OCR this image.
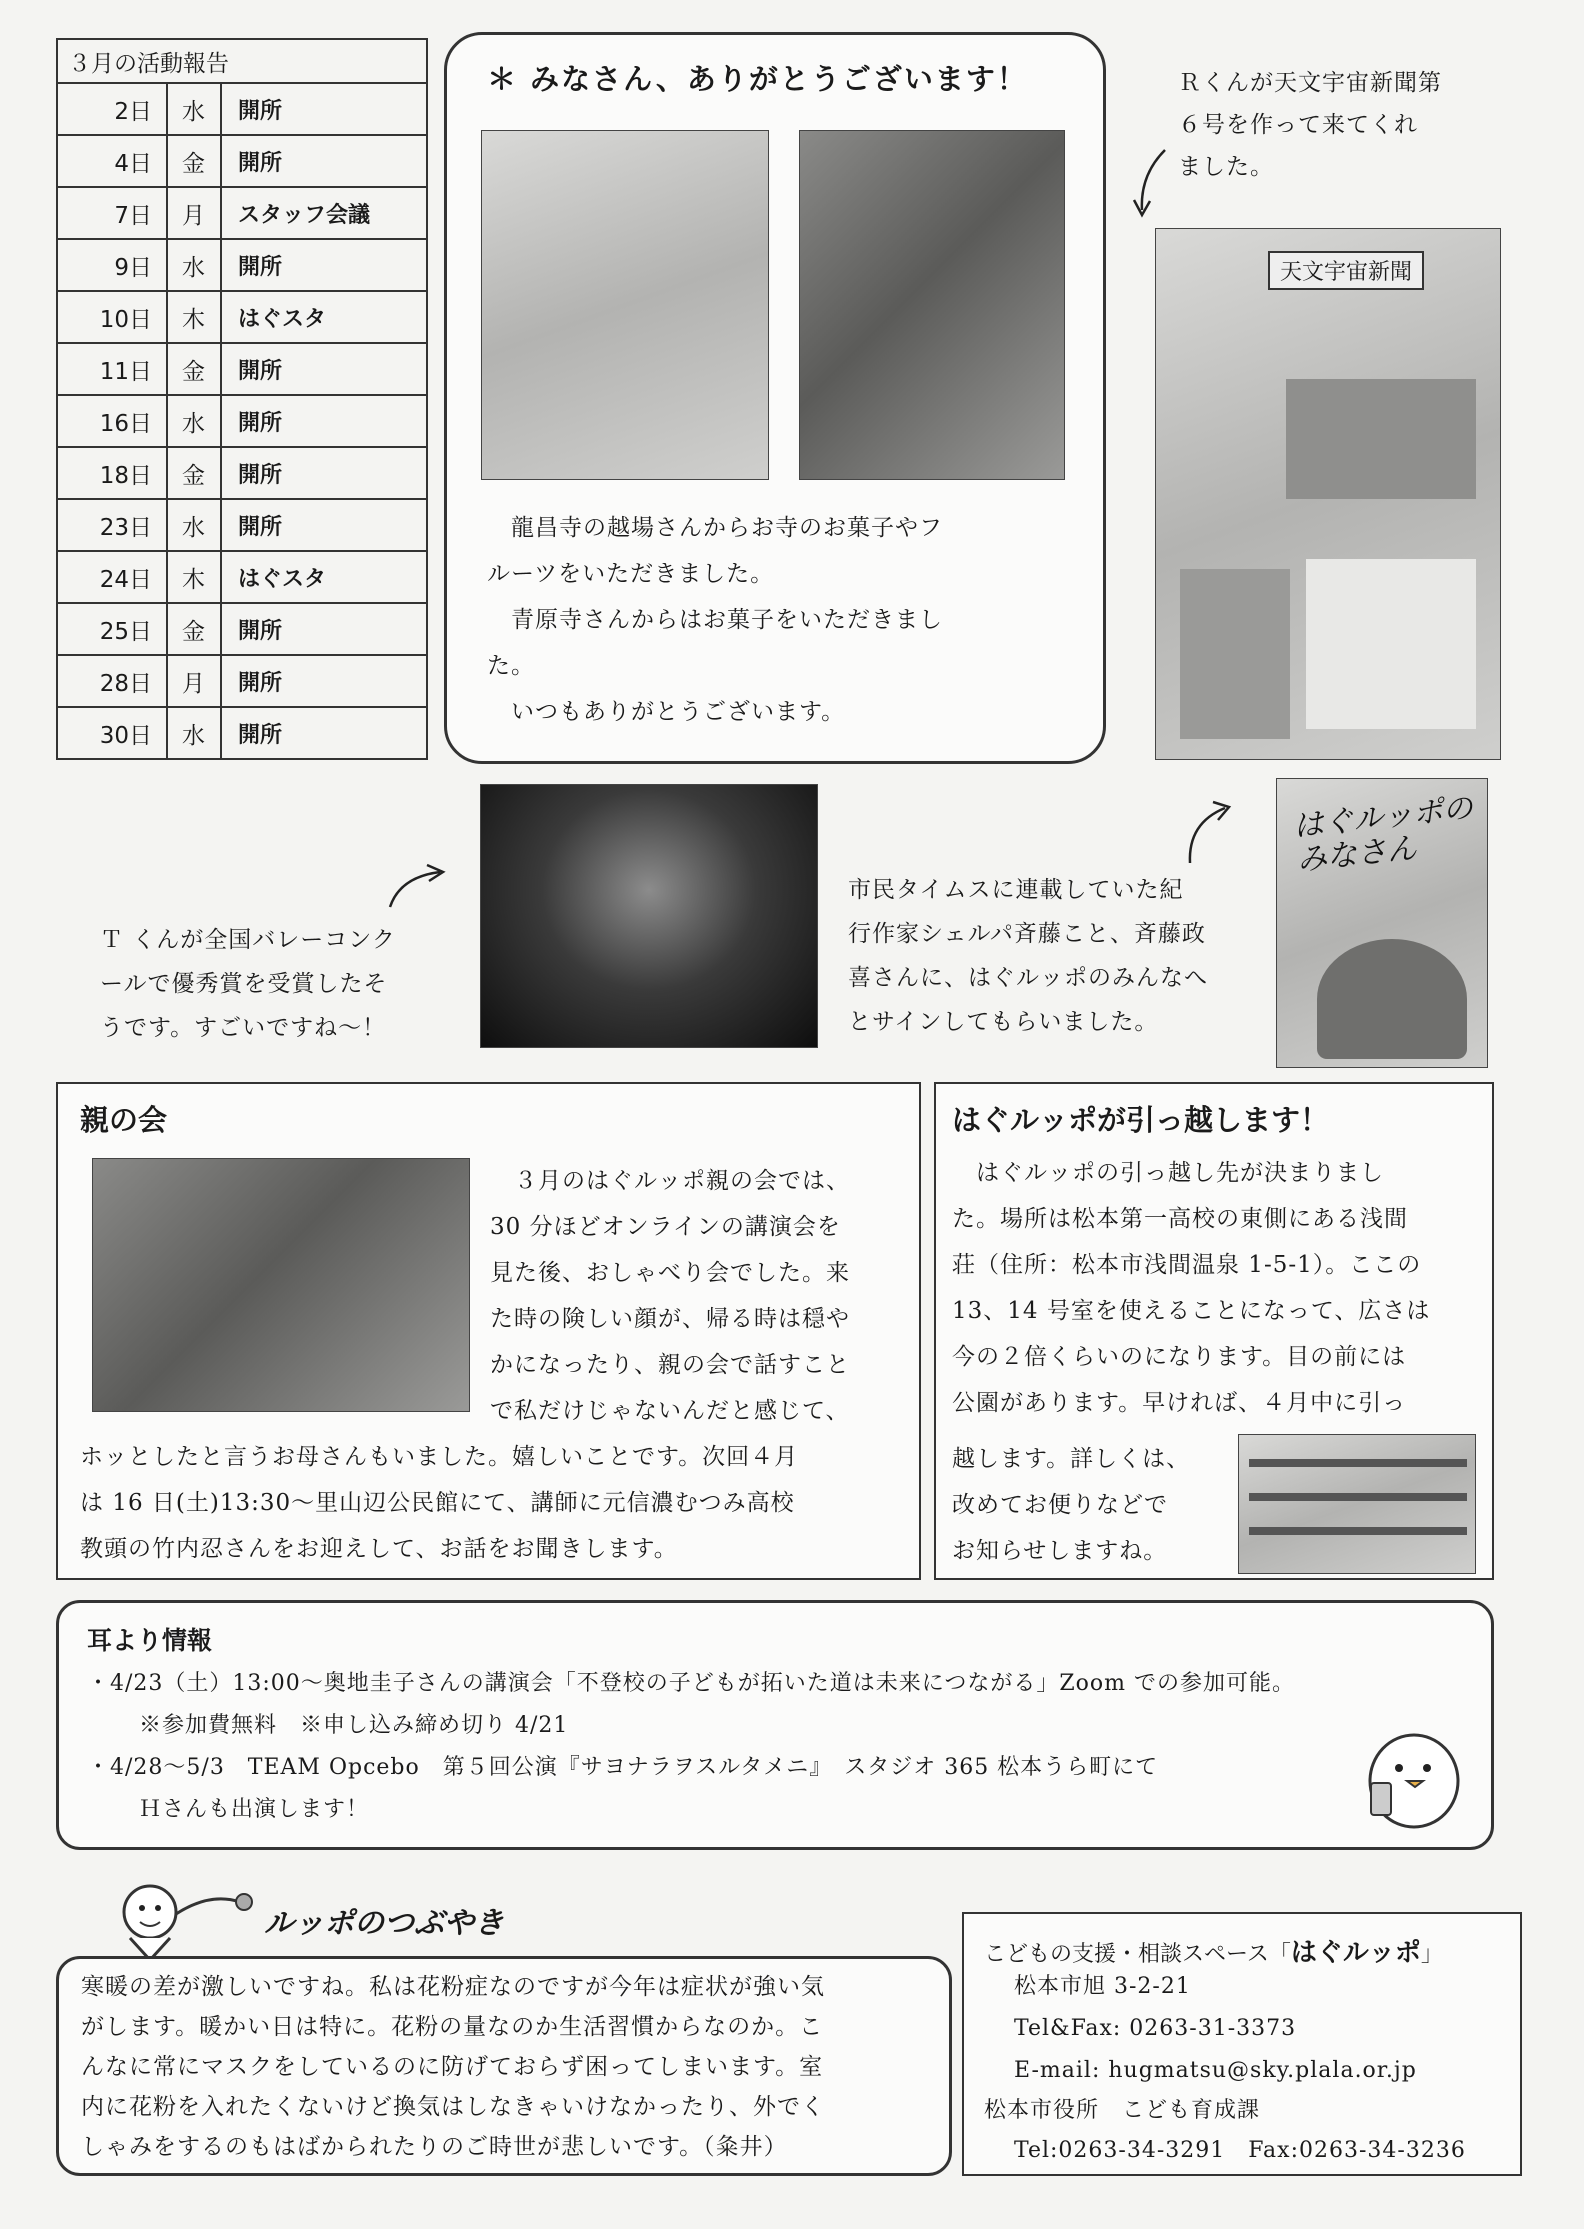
３月の活動報告		
2日	水	開所
4日	金	開所
7日	月	スタッフ会議
9日	水	開所
10日	木	はぐスタ
11日	金	開所
16日	水	開所
18日	金	開所
23日	水	開所
24日	木	はぐスタ
25日	金	開所
28日	月	開所
30日	水	開所
＊ みなさん、ありがとうございます！
龍昌寺の越場さんからお寺のお菓子やフ
ルーツをいただきました。
青原寺さんからはお菓子をいただきまし
た。
いつもありがとうございます。
Ｒくんが天文宇宙新聞第
６号を作って来てくれ
ました。
天文宇宙新聞
Ｔ くんが全国バレーコンク
ールで優秀賞を受賞したそ
うです。すごいですね～！
市民タイムスに連載していた紀
行作家シェルパ斉藤こと、斉藤政
喜さんに、はぐルッポのみんなへ
とサインしてもらいました。
はぐルッポのみなさん
親の会
３月のはぐルッポ親の会では、
30 分ほどオンラインの講演会を
見た後、おしゃべり会でした。来
た時の険しい顔が、帰る時は穏や
かになったり、親の会で話すこと
で私だけじゃないんだと感じて、
ホッとしたと言うお母さんもいました。嬉しいことです。次回４月
は 16 日(土)13:30～里山辺公民館にて、講師に元信濃むつみ高校
教頭の竹内忍さんをお迎えして、お話をお聞きします。
はぐルッポが引っ越します！
はぐルッポの引っ越し先が決まりまし
た。場所は松本第一高校の東側にある浅間
荘（住所：松本市浅間温泉 1-5-1）。ここの
13、14 号室を使えることになって、広さは
今の２倍くらいのになります。目の前には
公園があります。早ければ、４月中に引っ
越します。詳しくは、
改めてお便りなどで
お知らせしますね。
耳より情報
・4/23（土）13:00～奥地圭子さんの講演会「不登校の子どもが拓いた道は未来につながる」Zoom での参加可能。
※参加費無料　※申し込み締め切り 4/21
・4/28～5/3　TEAM Opcebo　第５回公演『サヨナラヲスルタメニ』　スタジオ 365 松本うら町にて
Ｈさんも出演します！
ルッポのつぶやき
寒暖の差が激しいですね。私は花粉症なのですが今年は症状が強い気
がします。暖かい日は特に。花粉の量なのか生活習慣からなのか。こ
んなに常にマスクをしているのに防げておらず困ってしまいます。室
内に花粉を入れたくないけど換気はしなきゃいけなかったり、外でく
しゃみをするのもはばかられたりのご時世が悲しいです。（粂井）
こどもの支援・相談スペース「はぐルッポ」
松本市旭 3-2-21
Tel&Fax: 0263-31-3373
E-mail: hugmatsu@sky.plala.or.jp
松本市役所　こども育成課
Tel:0263-34-3291　Fax:0263-34-3236
